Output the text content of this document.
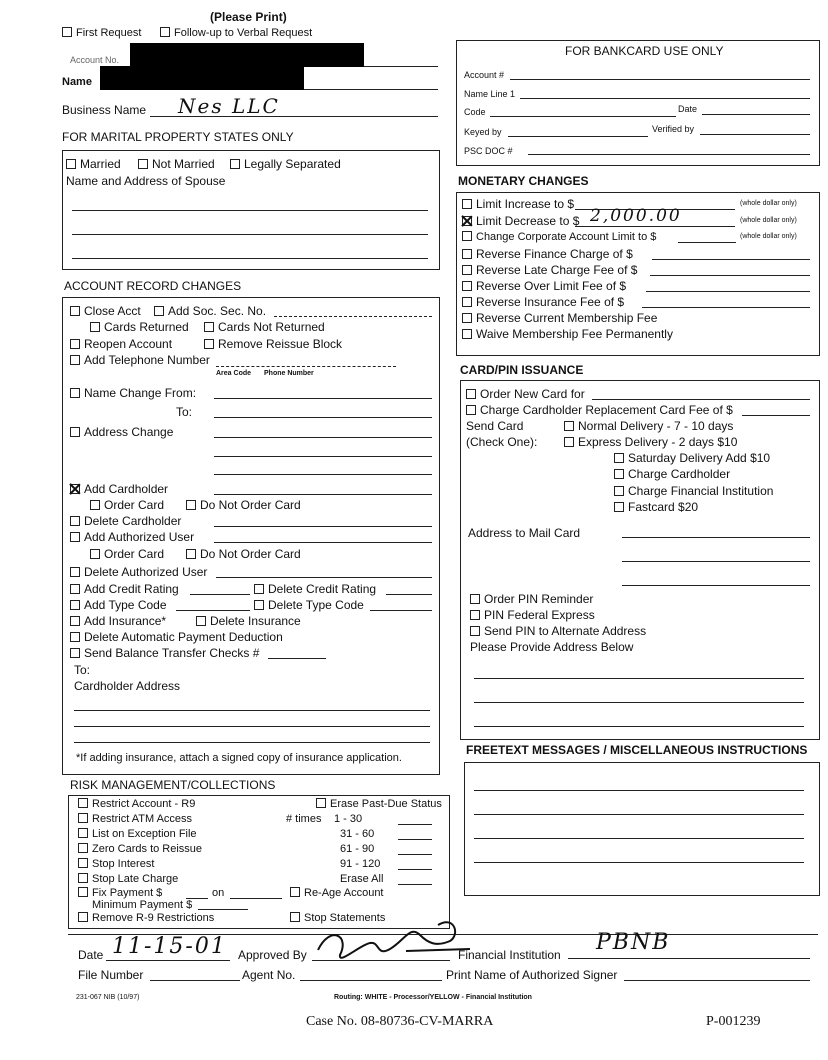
(Please Print)
First Request	Follow-up to Verbal Request
Account No.
Name
Business Name Nes LLC
FOR MARITAL PROPERTY STATES ONLY
Married	Not Married	Legally Separated
Name and Address of Spouse
FOR BANKCARD USE ONLY
Account #
Name Line 1
Code	Date
Keyed by	Verified by
PSC DOC #
MONETARY CHANGES
Limit Increase to $	(whole dollar only)
Limit Decrease to $ 2,000.00	(whole dollar only)
Change Corporate Account Limit to $	(whole dollar only)
Reverse Finance Charge of $
Reverse Late Charge Fee of $
Reverse Over Limit Fee of $
Reverse Insurance Fee of $
Reverse Current Membership Fee
Waive Membership Fee Permanently
ACCOUNT RECORD CHANGES
Close Acct	Add Soc. Sec. No.
Cards Returned	Cards Not Returned
Reopen Account	Remove Reissue Block
Add Telephone Number
Area Code Phone Number
Name Change From:
To:
Address Change
Add Cardholder
Order Card	Do Not Order Card
Delete Cardholder
Add Authorized User
Order Card	Do Not Order Card
Delete Authorized User
Add Credit Rating	Delete Credit Rating
Add Type Code	Delete Type Code
Add Insurance*	Delete Insurance
Delete Automatic Payment Deduction
Send Balance Transfer Checks #
To:
Cardholder Address
*If adding insurance, attach a signed copy of insurance application.
CARD/PIN ISSUANCE
Order New Card for
Charge Cardholder Replacement Card Fee of $
Send Card	Normal Delivery - 7 - 10 days
(Check One):	Express Delivery - 2 days $10
Saturday Delivery Add $10
Charge Cardholder
Charge Financial Institution
Fastcard $20
Address to Mail Card
Order PIN Reminder
PIN Federal Express
Send PIN to Alternate Address
Please Provide Address Below
FREETEXT MESSAGES / MISCELLANEOUS INSTRUCTIONS
RISK MANAGEMENT/COLLECTIONS
Restrict Account - R9
Restrict ATM Access
List on Exception File
Zero Cards to Reissue
Stop Interest
Stop Late Charge
Fix Payment $	on
Minimum Payment $
Remove R-9 Restrictions
Erase Past-Due Status
# times 1 - 30
31 - 60
61 - 90
91 - 120
Erase All
Re-Age Account
Stop Statements
Date 11-15-01 Approved By	Financial Institution PBNB
File Number	Agent No.	Print Name of Authorized Signer
231-067 NIB (10/97)	Routing: WHITE - Processor/YELLOW - Financial Institution
Case No. 08-80736-CV-MARRA	P-001239
